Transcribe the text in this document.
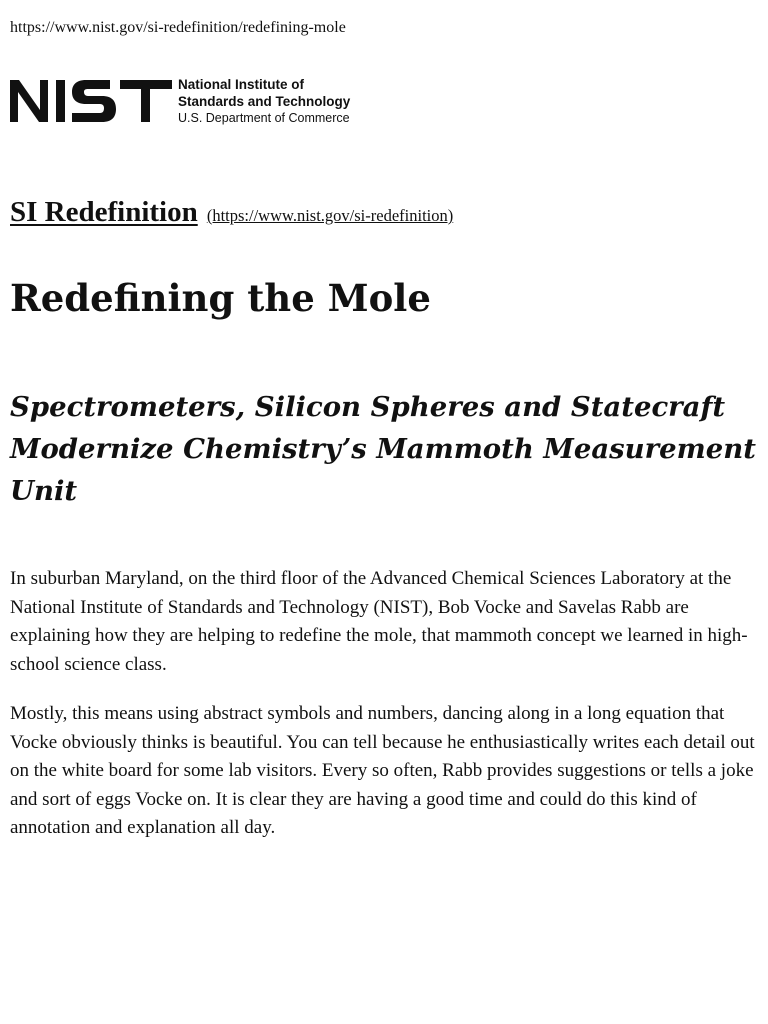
https://www.nist.gov/si-redefinition/redefining-mole
National Institute of
Standards and Technology
U.S. Department of Commerce
SI Redefinition (https://www.nist.gov/si-redefinition)
Redefining the Mole
Spectrometers, Silicon Spheres and Statecraft Modernize Chemistry’s Mammoth Measurement Unit

In suburban Maryland, on the third floor of the Advanced Chemical Sciences Laboratory at the National Institute of Standards and Technology (NIST), Bob Vocke and Savelas Rabb are explaining how they are helping to redefine the mole, that mammoth concept we learned in high-school science class.

Mostly, this means using abstract symbols and numbers, dancing along in a long equation that Vocke obviously thinks is beautiful. You can tell because he enthusiastically writes each detail out on the white board for some lab visitors. Every so often, Rabb provides suggestions or tells a joke and sort of eggs Vocke on. It is clear they are having a good time and could do this kind of annotation and explanation all day.
